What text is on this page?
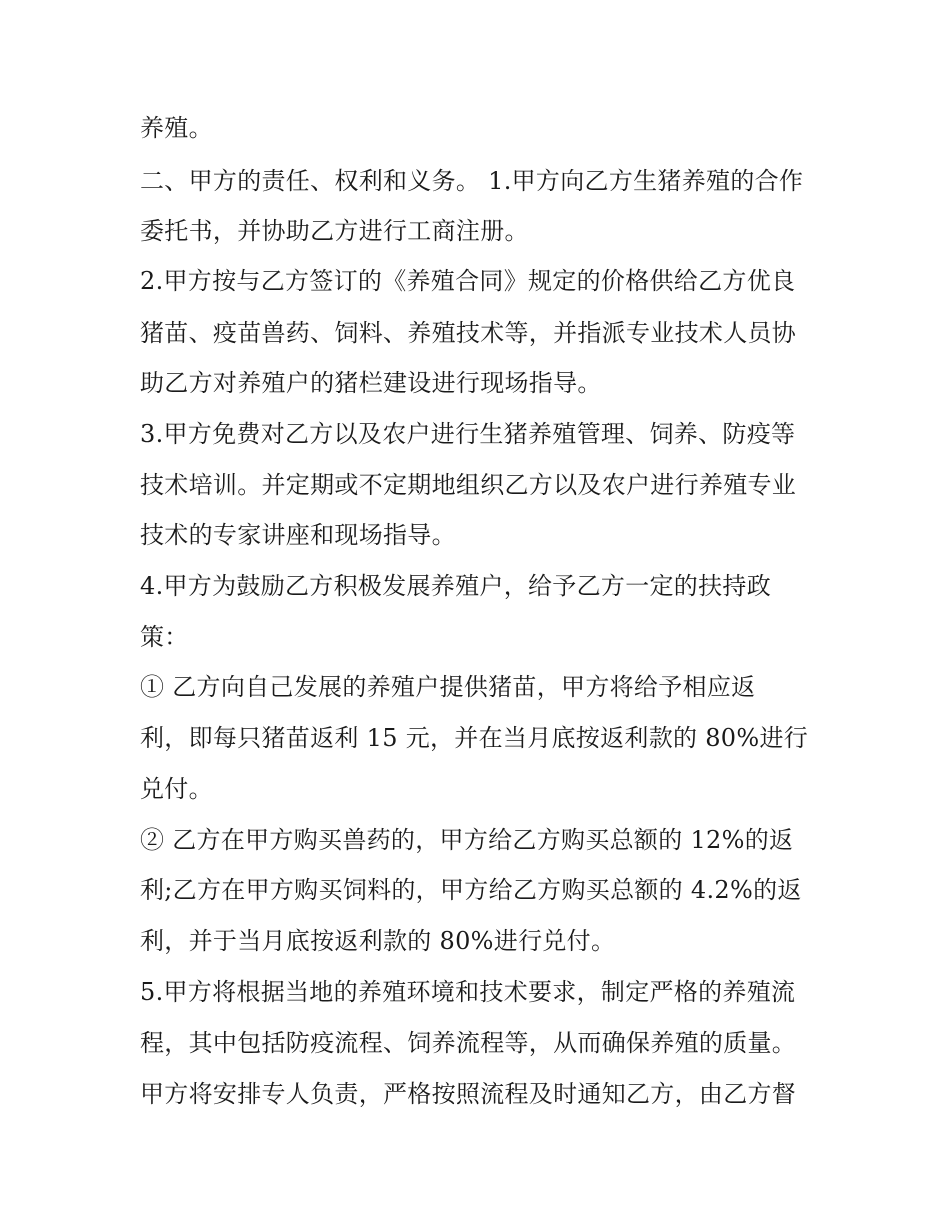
养殖。
二、甲方的责任、权利和义务。 1.甲方向乙方生猪养殖的合作
委托书，并协助乙方进行工商注册。
2.甲方按与乙方签订的《养殖合同》规定的价格供给乙方优良
猪苗、疫苗兽药、饲料、养殖技术等，并指派专业技术人员协
助乙方对养殖户的猪栏建设进行现场指导。
3.甲方免费对乙方以及农户进行生猪养殖管理、饲养、防疫等
技术培训。并定期或不定期地组织乙方以及农户进行养殖专业
技术的专家讲座和现场指导。
4.甲方为鼓励乙方积极发展养殖户，给予乙方一定的扶持政
策：
① 乙方向自己发展的养殖户提供猪苗，甲方将给予相应返
利，即每只猪苗返利 15 元，并在当月底按返利款的 80%进行
兑付。
② 乙方在甲方购买兽药的，甲方给乙方购买总额的 12%的返
利;乙方在甲方购买饲料的，甲方给乙方购买总额的 4.2%的返
利，并于当月底按返利款的 80%进行兑付。
5.甲方将根据当地的养殖环境和技术要求，制定严格的养殖流
程，其中包括防疫流程、饲养流程等，从而确保养殖的质量。
甲方将安排专人负责，严格按照流程及时通知乙方，由乙方督
